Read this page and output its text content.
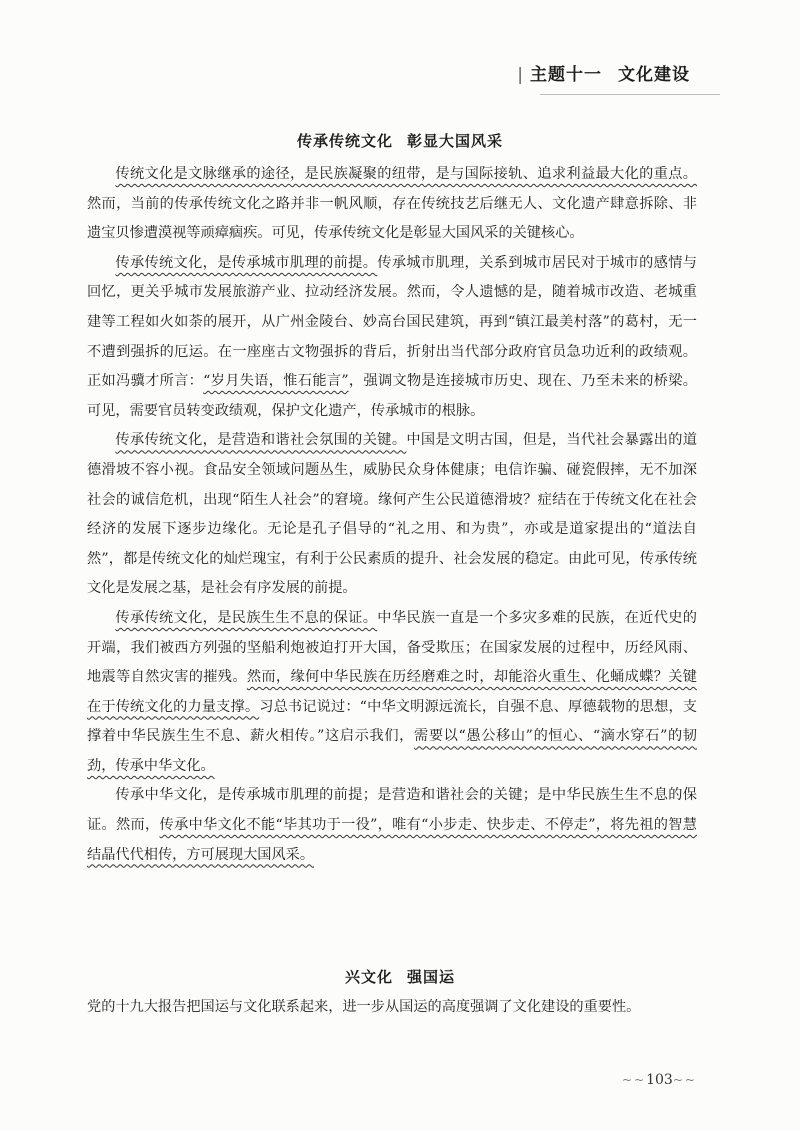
| 主题十一 文化建设
传承传统文化 彰显大国风采

传统文化是文脉继承的途径，是民族凝聚的纽带，是与国际接轨、追求利益最大化的重点。然而，当前的传承传统文化之路并非一帆风顺，存在传统技艺后继无人、文化遗产肆意拆除、非遗宝贝惨遭漠视等顽瘴痼疾。可见，传承传统文化是彰显大国风采的关键核心。

传承传统文化，是传承城市肌理的前提。传承城市肌理，关系到城市居民对于城市的感情与回忆，更关乎城市发展旅游产业、拉动经济发展。然而，令人遗憾的是，随着城市改造、老城重建等工程如火如荼的展开，从广州金陵台、妙高台国民建筑，再到“镇江最美村落”的葛村，无一不遭到强拆的厄运。在一座座古文物强拆的背后，折射出当代部分政府官员急功近利的政绩观。正如冯骥才所言：“岁月失语，惟石能言”，强调文物是连接城市历史、现在、乃至未来的桥梁。可见，需要官员转变政绩观，保护文化遗产，传承城市的根脉。

传承传统文化，是营造和谐社会氛围的关键。中国是文明古国，但是，当代社会暴露出的道德滑坡不容小视。食品安全领域问题丛生，威胁民众身体健康；电信诈骗、碰瓷假摔，无不加深社会的诚信危机，出现“陌生人社会”的窘境。缘何产生公民道德滑坡？症结在于传统文化在社会经济的发展下逐步边缘化。无论是孔子倡导的“礼之用、和为贵”，亦或是道家提出的“道法自然”，都是传统文化的灿烂瑰宝，有利于公民素质的提升、社会发展的稳定。由此可见，传承传统文化是发展之基，是社会有序发展的前提。

传承传统文化，是民族生生不息的保证。中华民族一直是一个多灾多难的民族，在近代史的开端，我们被西方列强的坚船利炮被迫打开大国，备受欺压；在国家发展的过程中，历经风雨、地震等自然灾害的摧残。然而，缘何中华民族在历经磨难之时，却能浴火重生、化蛹成蝶？关键在于传统文化的力量支撑。习总书记说过：“中华文明源远流长，自强不息、厚德载物的思想，支撑着中华民族生生不息、薪火相传。”这启示我们，需要以“愚公移山”的恒心、“滴水穿石”的韧劲，传承中华文化。

传承中华文化，是传承城市肌理的前提；是营造和谐社会的关键；是中华民族生生不息的保证。然而，传承中华文化不能“毕其功于一役”，唯有“小步走、快步走、不停走”，将先祖的智慧结晶代代相传，方可展现大国风采。

兴文化 强国运

党的十九大报告把国运与文化联系起来，进一步从国运的高度强调了文化建设的重要性。

~~103~~
